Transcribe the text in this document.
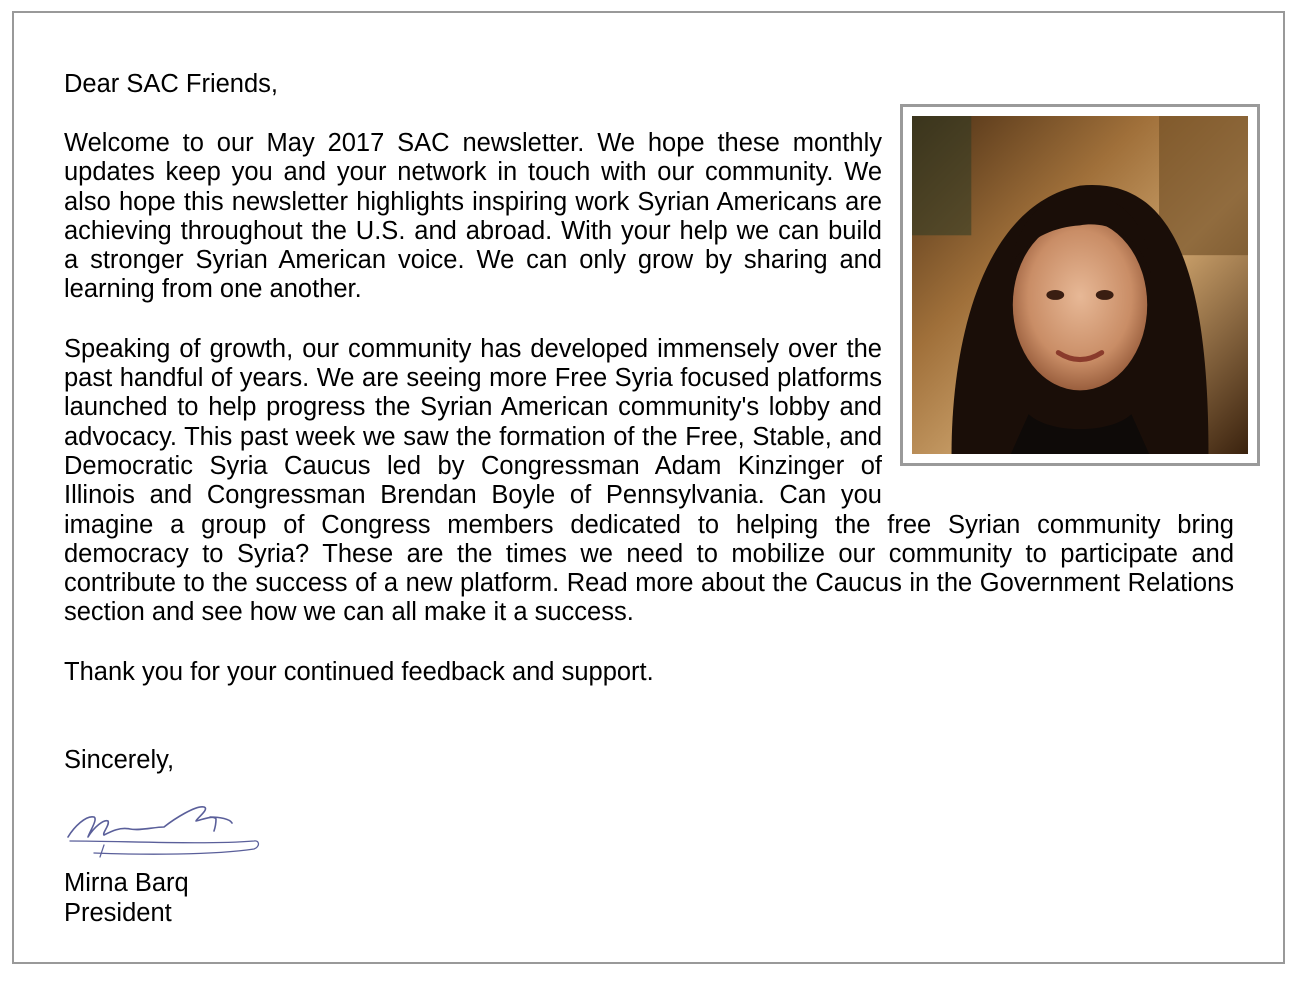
Dear SAC Friends,

Welcome to our May 2017 SAC newsletter. We hope these monthly updates keep you and your network in touch with our community. We also hope this newsletter highlights inspiring work Syrian Americans are achieving throughout the U.S. and abroad. With your help we can build a stronger Syrian American voice. We can only grow by sharing and learning from one another.

Speaking of growth, our community has developed immensely over the past handful of years. We are seeing more Free Syria focused platforms launched to help progress the Syrian American community's lobby and advocacy. This past week we saw the formation of the Free, Stable, and Democratic Syria Caucus led by Congressman Adam Kinzinger of Illinois and Congressman Brendan Boyle of Pennsylvania. Can you imagine a group of Congress members dedicated to helping the free Syrian community bring democracy to Syria? These are the times we need to mobilize our community to participate and contribute to the success of a new platform. Read more about the Caucus in the Government Relations section and see how we can all make it a success.

Thank you for your continued feedback and support.

Sincerely,

Mirna Barq

President
